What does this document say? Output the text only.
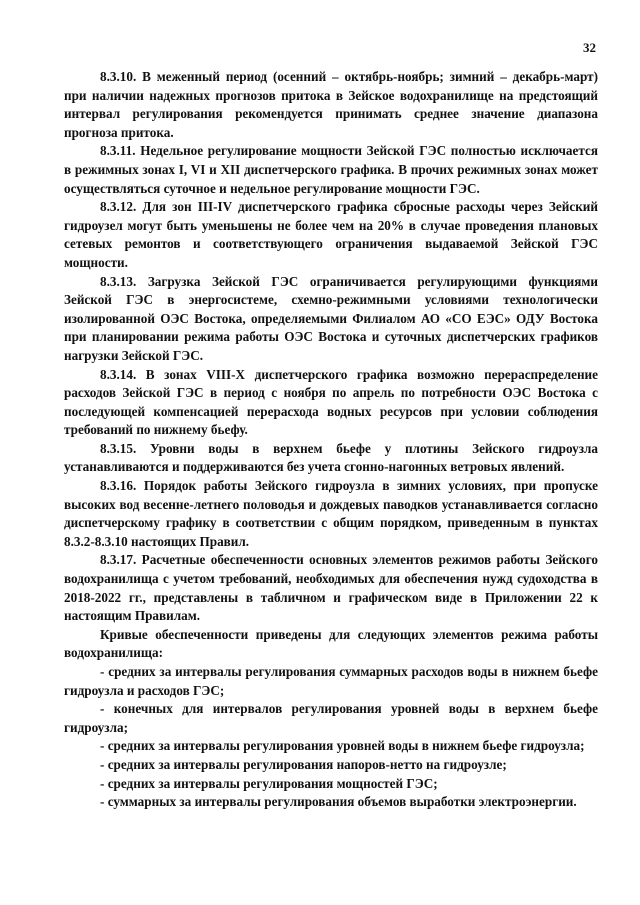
32

8.3.10. В меженный период (осенний – октябрь-ноябрь; зимний – декабрь-март) при наличии надежных прогнозов притока в Зейское водохранилище на предстоящий интервал регулирования рекомендуется принимать среднее значение диапазона прогноза притока.

8.3.11. Недельное регулирование мощности Зейской ГЭС полностью исключается в режимных зонах I, VI и XII диспетчерского графика. В прочих режимных зонах может осуществляться суточное и недельное регулирование мощности ГЭС.

8.3.12. Для зон III-IV диспетчерского графика сбросные расходы через Зейский гидроузел могут быть уменьшены не более чем на 20% в случае проведения плановых сетевых ремонтов и соответствующего ограничения выдаваемой Зейской ГЭС мощности.

8.3.13. Загрузка Зейской ГЭС ограничивается регулирующими функциями Зейской ГЭС в энергосистеме, схемно-режимными условиями технологически изолированной ОЭС Востока, определяемыми Филиалом АО «СО ЕЭС» ОДУ Востока при планировании режима работы ОЭС Востока и суточных диспетчерских графиков нагрузки Зейской ГЭС.

8.3.14. В зонах VIII-X диспетчерского графика возможно перераспределение расходов Зейской ГЭС в период с ноября по апрель по потребности ОЭС Востока с последующей компенсацией перерасхода водных ресурсов при условии соблюдения требований по нижнему бьефу.

8.3.15. Уровни воды в верхнем бьефе у плотины Зейского гидроузла устанавливаются и поддерживаются без учета сгонно-нагонных ветровых явлений.

8.3.16. Порядок работы Зейского гидроузла в зимних условиях, при пропуске высоких вод весенне-летнего половодья и дождевых паводков устанавливается согласно диспетчерскому графику в соответствии с общим порядком, приведенным в пунктах 8.3.2-8.3.10 настоящих Правил.

8.3.17. Расчетные обеспеченности основных элементов режимов работы Зейского водохранилища с учетом требований, необходимых для обеспечения нужд судоходства в 2018-2022 гг., представлены в табличном и графическом виде в Приложении 22 к настоящим Правилам.

Кривые обеспеченности приведены для следующих элементов режима работы водохранилища:

- средних за интервалы регулирования суммарных расходов воды в нижнем бьефе гидроузла и расходов ГЭС;

- конечных для интервалов регулирования уровней воды в верхнем бьефе гидроузла;

- средних за интервалы регулирования уровней воды в нижнем бьефе гидроузла;

- средних за интервалы регулирования напоров-нетто на гидроузле;

- средних за интервалы регулирования мощностей ГЭС;

- суммарных за интервалы регулирования объемов выработки электроэнергии.
